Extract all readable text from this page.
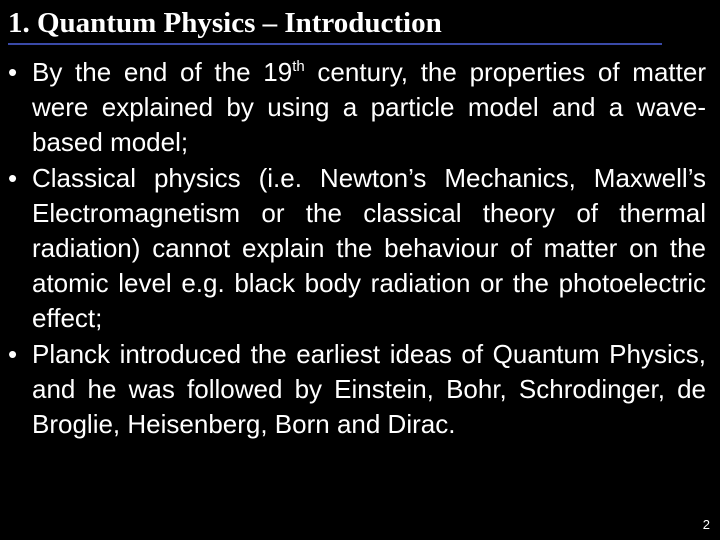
1. Quantum Physics – Introduction
• By the end of the 19th century, the properties of matter were explained by using a particle model and a wave-based model;
• Classical physics (i.e. Newton’s Mechanics, Maxwell’s Electromagnetism or the classical theory of thermal radiation) cannot explain the behaviour of matter on the atomic level e.g. black body radiation or the photoelectric effect;
• Planck introduced the earliest ideas of Quantum Physics, and he was followed by Einstein, Bohr, Schrodinger, de Broglie, Heisenberg, Born and Dirac.
2
